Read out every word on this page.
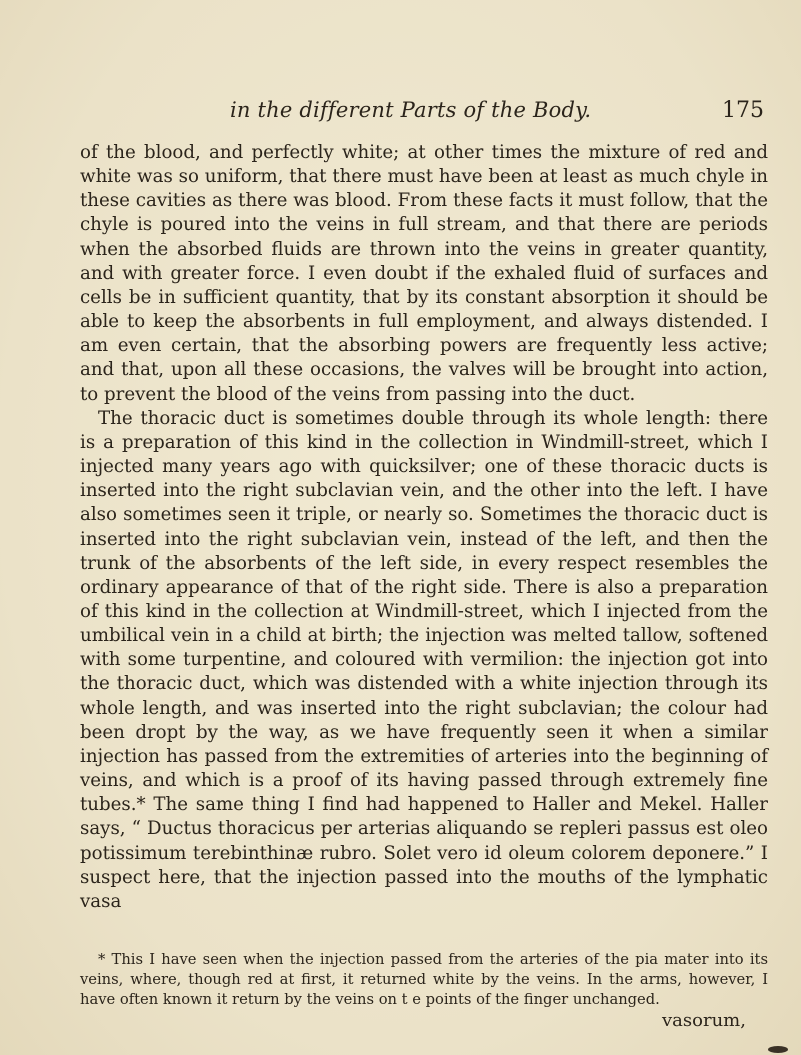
in the different Parts of the Body.	175

of the blood, and perfectly white; at other times the mixture of red and white was so uniform, that there must have been at least as much chyle in these cavities as there was blood. From these facts it must follow, that the chyle is poured into the veins in full stream, and that there are periods when the absorbed fluids are thrown into the veins in greater quantity, and with greater force. I even doubt if the exhaled fluid of surfaces and cells be in sufficient quantity, that by its constant absorption it should be able to keep the absorbents in full employment, and always distended. I am even certain, that the absorbing powers are frequently less active; and that, upon all these occasions, the valves will be brought into action, to prevent the blood of the veins from passing into the duct.

The thoracic duct is sometimes double through its whole length: there is a preparation of this kind in the collection in Windmill-street, which I injected many years ago with quicksilver; one of these thoracic ducts is inserted into the right subclavian vein, and the other into the left. I have also sometimes seen it triple, or nearly so. Sometimes the thoracic duct is inserted into the right subclavian vein, instead of the left, and then the trunk of the absorbents of the left side, in every respect resembles the ordinary appearance of that of the right side. There is also a preparation of this kind in the collection at Windmill-street, which I injected from the umbilical vein in a child at birth; the injection was melted tallow, softened with some turpentine, and coloured with vermilion: the injection got into the thoracic duct, which was distended with a white injection through its whole length, and was inserted into the right subclavian; the colour had been dropt by the way, as we have frequently seen it when a similar injection has passed from the extremities of arteries into the beginning of veins, and which is a proof of its having passed through extremely fine tubes.* The same thing I find had happened to Haller and Mekel. Haller says, “ Ductus thoracicus per arterias aliquando se repleri passus est oleo potissimum terebinthinæ rubro. Solet vero id oleum colorem deponere.” I suspect here, that the injection passed into the mouths of the lymphatic vasa

* This I have seen when the injection passed from the arteries of the pia mater into its veins, where, though red at first, it returned white by the veins. In the arms, however, I have often known it return by the veins on t e points of the finger unchanged.

vasorum,
